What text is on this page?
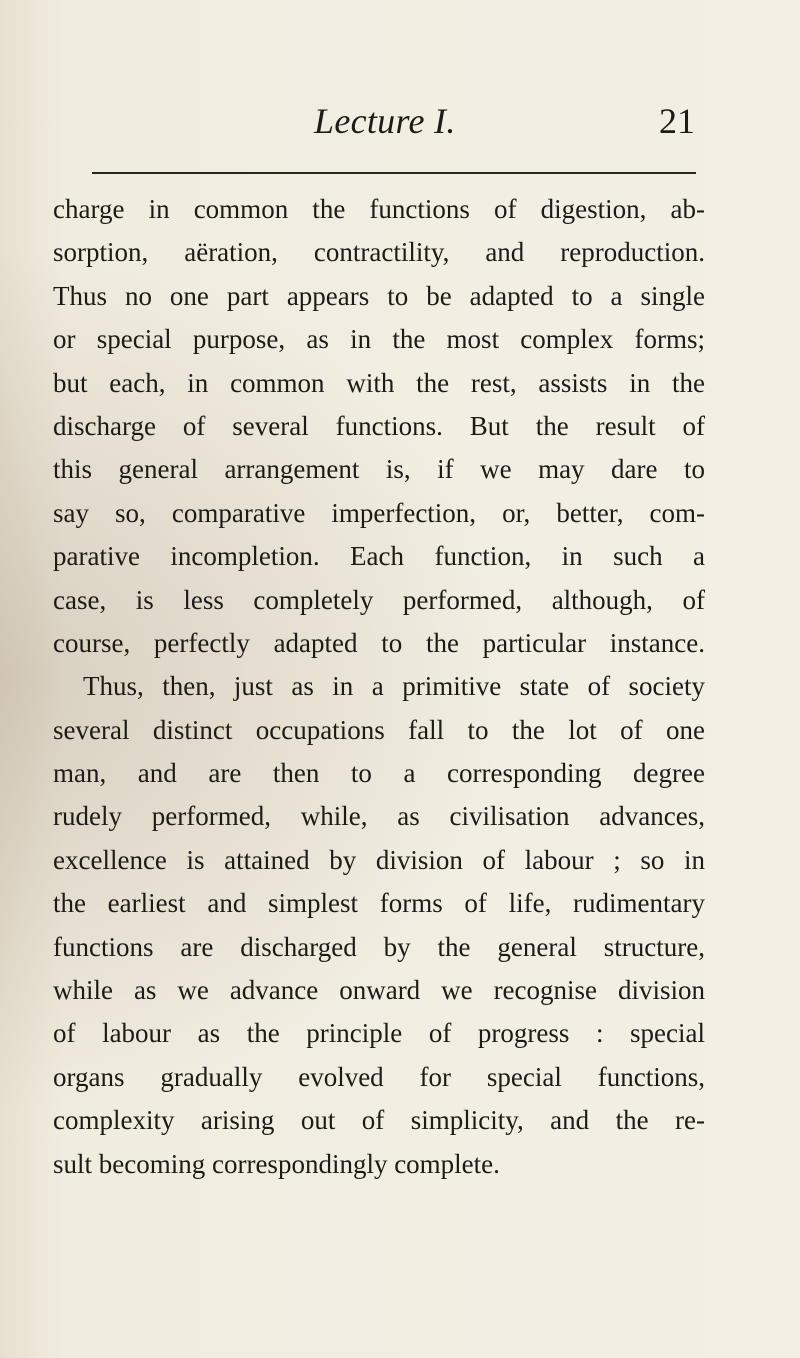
Lecture I.	21
charge in common the functions of digestion, ab-
sorption, aëration, contractility, and reproduction.
Thus no one part appears to be adapted to a single
or special purpose, as in the most complex forms;
but each, in common with the rest, assists in the
discharge of several functions. But the result of
this general arrangement is, if we may dare to
say so, comparative imperfection, or, better, com-
parative incompletion. Each function, in such a
case, is less completely performed, although, of
course, perfectly adapted to the particular instance.
Thus, then, just as in a primitive state of society
several distinct occupations fall to the lot of one
man, and are then to a corresponding degree
rudely performed, while, as civilisation advances,
excellence is attained by division of labour ; so in
the earliest and simplest forms of life, rudimentary
functions are discharged by the general structure,
while as we advance onward we recognise division
of labour as the principle of progress : special
organs gradually evolved for special functions,
complexity arising out of simplicity, and the re-
sult becoming correspondingly complete.
